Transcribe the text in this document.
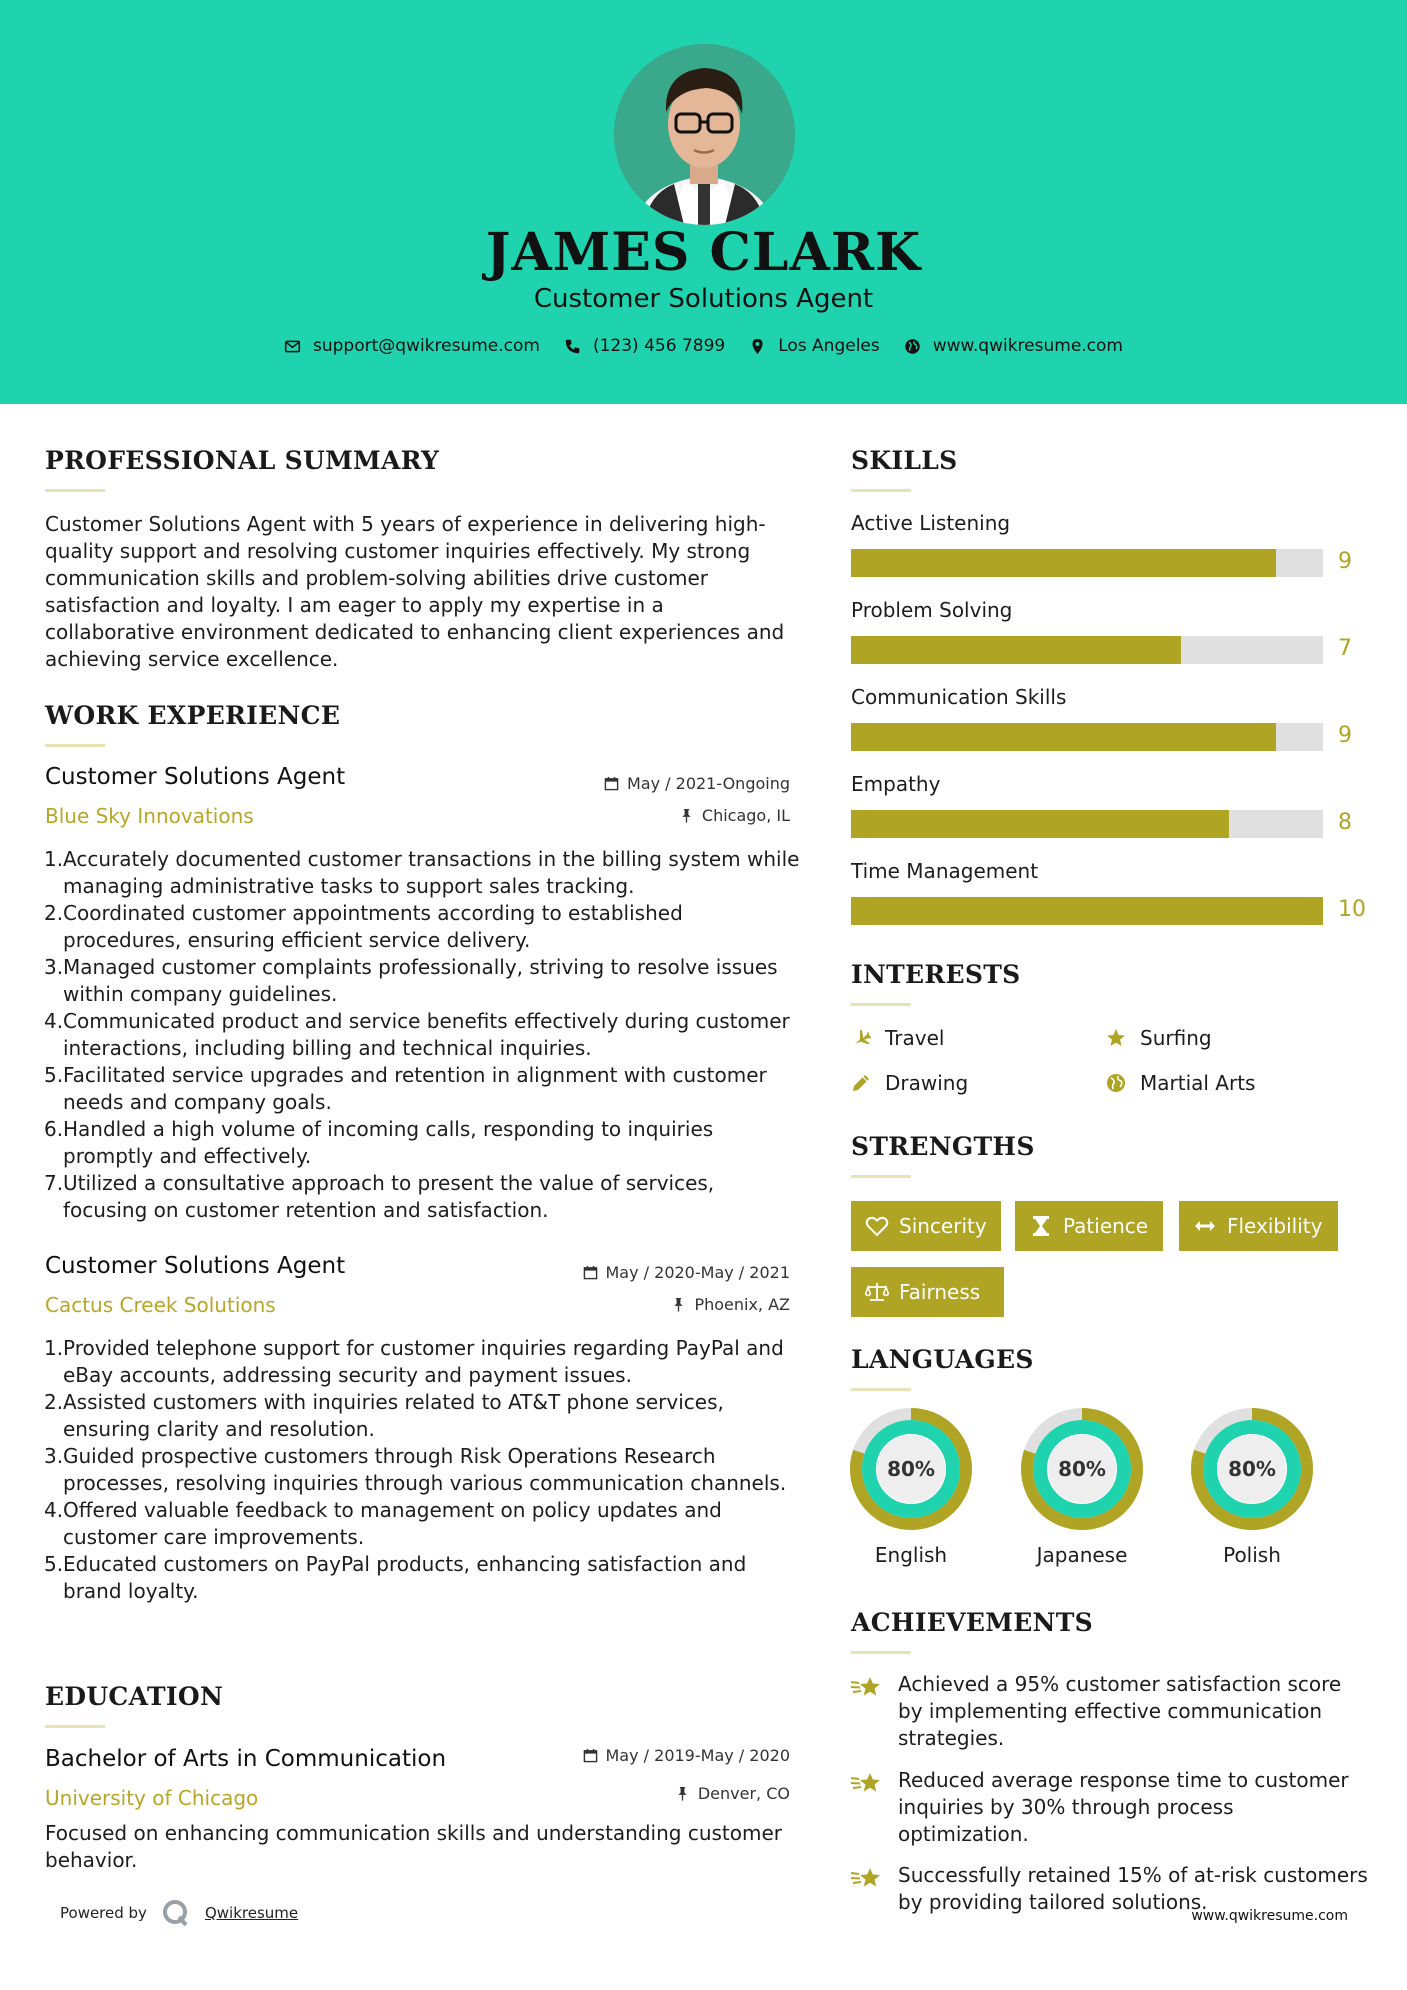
JAMES CLARK
Customer Solutions Agent
support@qwikresume.com	(123) 456 7899	Los Angeles	www.qwikresume.com
PROFESSIONAL SUMMARY
Customer Solutions Agent with 5 years of experience in delivering high-quality support and resolving customer inquiries effectively. My strong communication skills and problem-solving abilities drive customer satisfaction and loyalty. I am eager to apply my expertise in a collaborative environment dedicated to enhancing client experiences and achieving service excellence.
WORK EXPERIENCE
Customer Solutions Agent	May / 2021-Ongoing
Blue Sky Innovations	Chicago, IL
Accurately documented customer transactions in the billing system while managing administrative tasks to support sales tracking.
Coordinated customer appointments according to established procedures, ensuring efficient service delivery.
Managed customer complaints professionally, striving to resolve issues within company guidelines.
Communicated product and service benefits effectively during customer interactions, including billing and technical inquiries.
Facilitated service upgrades and retention in alignment with customer needs and company goals.
Handled a high volume of incoming calls, responding to inquiries promptly and effectively.
Utilized a consultative approach to present the value of services, focusing on customer retention and satisfaction.
Customer Solutions Agent	May / 2020-May / 2021
Cactus Creek Solutions	Phoenix, AZ
Provided telephone support for customer inquiries regarding PayPal and eBay accounts, addressing security and payment issues.
Assisted customers with inquiries related to AT&T phone services, ensuring clarity and resolution.
Guided prospective customers through Risk Operations Research processes, resolving inquiries through various communication channels.
Offered valuable feedback to management on policy updates and customer care improvements.
Educated customers on PayPal products, enhancing satisfaction and brand loyalty.
EDUCATION
Bachelor of Arts in Communication	May / 2019-May / 2020
University of Chicago	Denver, CO
Focused on enhancing communication skills and understanding customer behavior.
SKILLS
Active Listening
9
Problem Solving
7
Communication Skills
9
Empathy
8
Time Management
10
INTERESTS
Travel	Surfing
Drawing	Martial Arts
STRENGTHS
Sincerity	Patience	Flexibility
Fairness
LANGUAGES
80%
English
80%
Japanese
80%
Polish
ACHIEVEMENTS
Achieved a 95% customer satisfaction score by implementing effective communication strategies.
Reduced average response time to customer inquiries by 30% through process optimization.
Successfully retained 15% of at-risk customers by providing tailored solutions.
Powered by	Qwikresume	www.qwikresume.com
